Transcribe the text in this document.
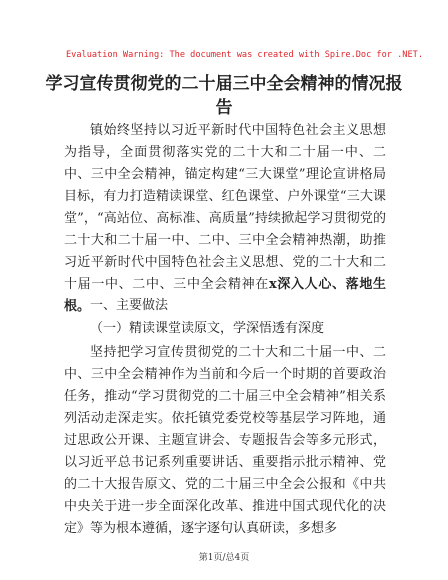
Evaluation Warning: The document was created with Spire.Doc for .NET.
学习宣传贯彻党的二十届三中全会精神的情况报告

镇始终坚持以习近平新时代中国特色社会主义思想为指导，全面贯彻落实党的二十大和二十届一中、二中、三中全会精神，锚定构建“三大课堂”理论宣讲格局目标，有力打造精读课堂、红色课堂、户外课堂“三大课堂”，“高站位、高标准、高质量”持续掀起学习贯彻党的二十大和二十届一中、二中、三中全会精神热潮，助推习近平新时代中国特色社会主义思想、党的二十大和二十届一中、二中、三中全会精神在x深入人心、落地生根。 一、主要做法
（一）精读课堂读原文，学深悟透有深度

坚持把学习宣传贯彻党的二十大和二十届一中、二中、三中全会精神作为当前和今后一个时期的首要政治任务，推动“学习贯彻党的二十届三中全会精神”相关系列活动走深走实。依托镇党委党校等基层学习阵地，通过思政公开课、主题宣讲会、专题报告会等多元形式，以习近平总书记系列重要讲话、重要指示批示精神、党的二十大报告原文、党的二十届三中全会公报和《中共中央关于进一步全面深化改革、推进中国式现代化的决定》等为根本遵循，逐字逐句认真研读，多想多

第1页/总4页
